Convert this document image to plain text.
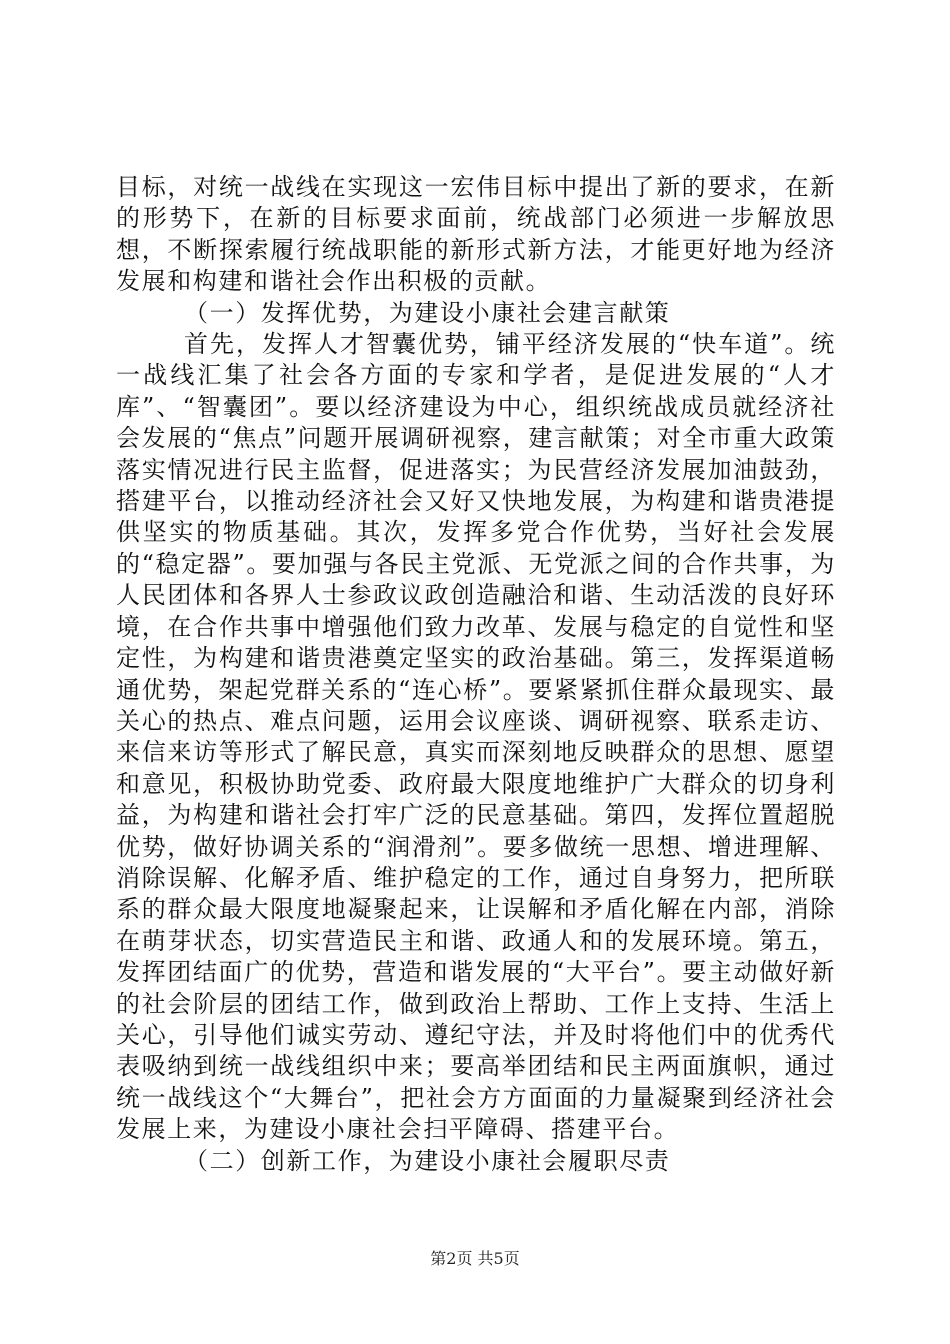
目标，对统一战线在实现这一宏伟目标中提出了新的要求，在新的形势下，在新的目标要求面前，统战部门必须进一步解放思想，不断探索履行统战职能的新形式新方法，才能更好地为经济发展和构建和谐社会作出积极的贡献。

（一）发挥优势，为建设小康社会建言献策

首先，发挥人才智囊优势，铺平经济发展的“快车道”。统一战线汇集了社会各方面的专家和学者，是促进发展的“人才库”、“智囊团”。要以经济建设为中心，组织统战成员就经济社会发展的“焦点”问题开展调研视察，建言献策；对全市重大政策落实情况进行民主监督，促进落实；为民营经济发展加油鼓劲，搭建平台，以推动经济社会又好又快地发展，为构建和谐贵港提供坚实的物质基础。其次，发挥多党合作优势，当好社会发展的“稳定器”。要加强与各民主党派、无党派之间的合作共事，为人民团体和各界人士参政议政创造融洽和谐、生动活泼的良好环境，在合作共事中增强他们致力改革、发展与稳定的自觉性和坚定性，为构建和谐贵港奠定坚实的政治基础。第三，发挥渠道畅通优势，架起党群关系的“连心桥”。要紧紧抓住群众最现实、最关心的热点、难点问题，运用会议座谈、调研视察、联系走访、来信来访等形式了解民意，真实而深刻地反映群众的思想、愿望和意见，积极协助党委、政府最大限度地维护广大群众的切身利益，为构建和谐社会打牢广泛的民意基础。第四，发挥位置超脱优势，做好协调关系的“润滑剂”。要多做统一思想、增进理解、消除误解、化解矛盾、维护稳定的工作，通过自身努力，把所联系的群众最大限度地凝聚起来，让误解和矛盾化解在内部，消除在萌芽状态，切实营造民主和谐、政通人和的发展环境。第五，发挥团结面广的优势，营造和谐发展的“大平台”。要主动做好新的社会阶层的团结工作，做到政治上帮助、工作上支持、生活上关心，引导他们诚实劳动、遵纪守法，并及时将他们中的优秀代表吸纳到统一战线组织中来；要高举团结和民主两面旗帜，通过统一战线这个“大舞台”，把社会方方面面的力量凝聚到经济社会发展上来，为建设小康社会扫平障碍、搭建平台。

（二）创新工作，为建设小康社会履职尽责

第2页 共5页
